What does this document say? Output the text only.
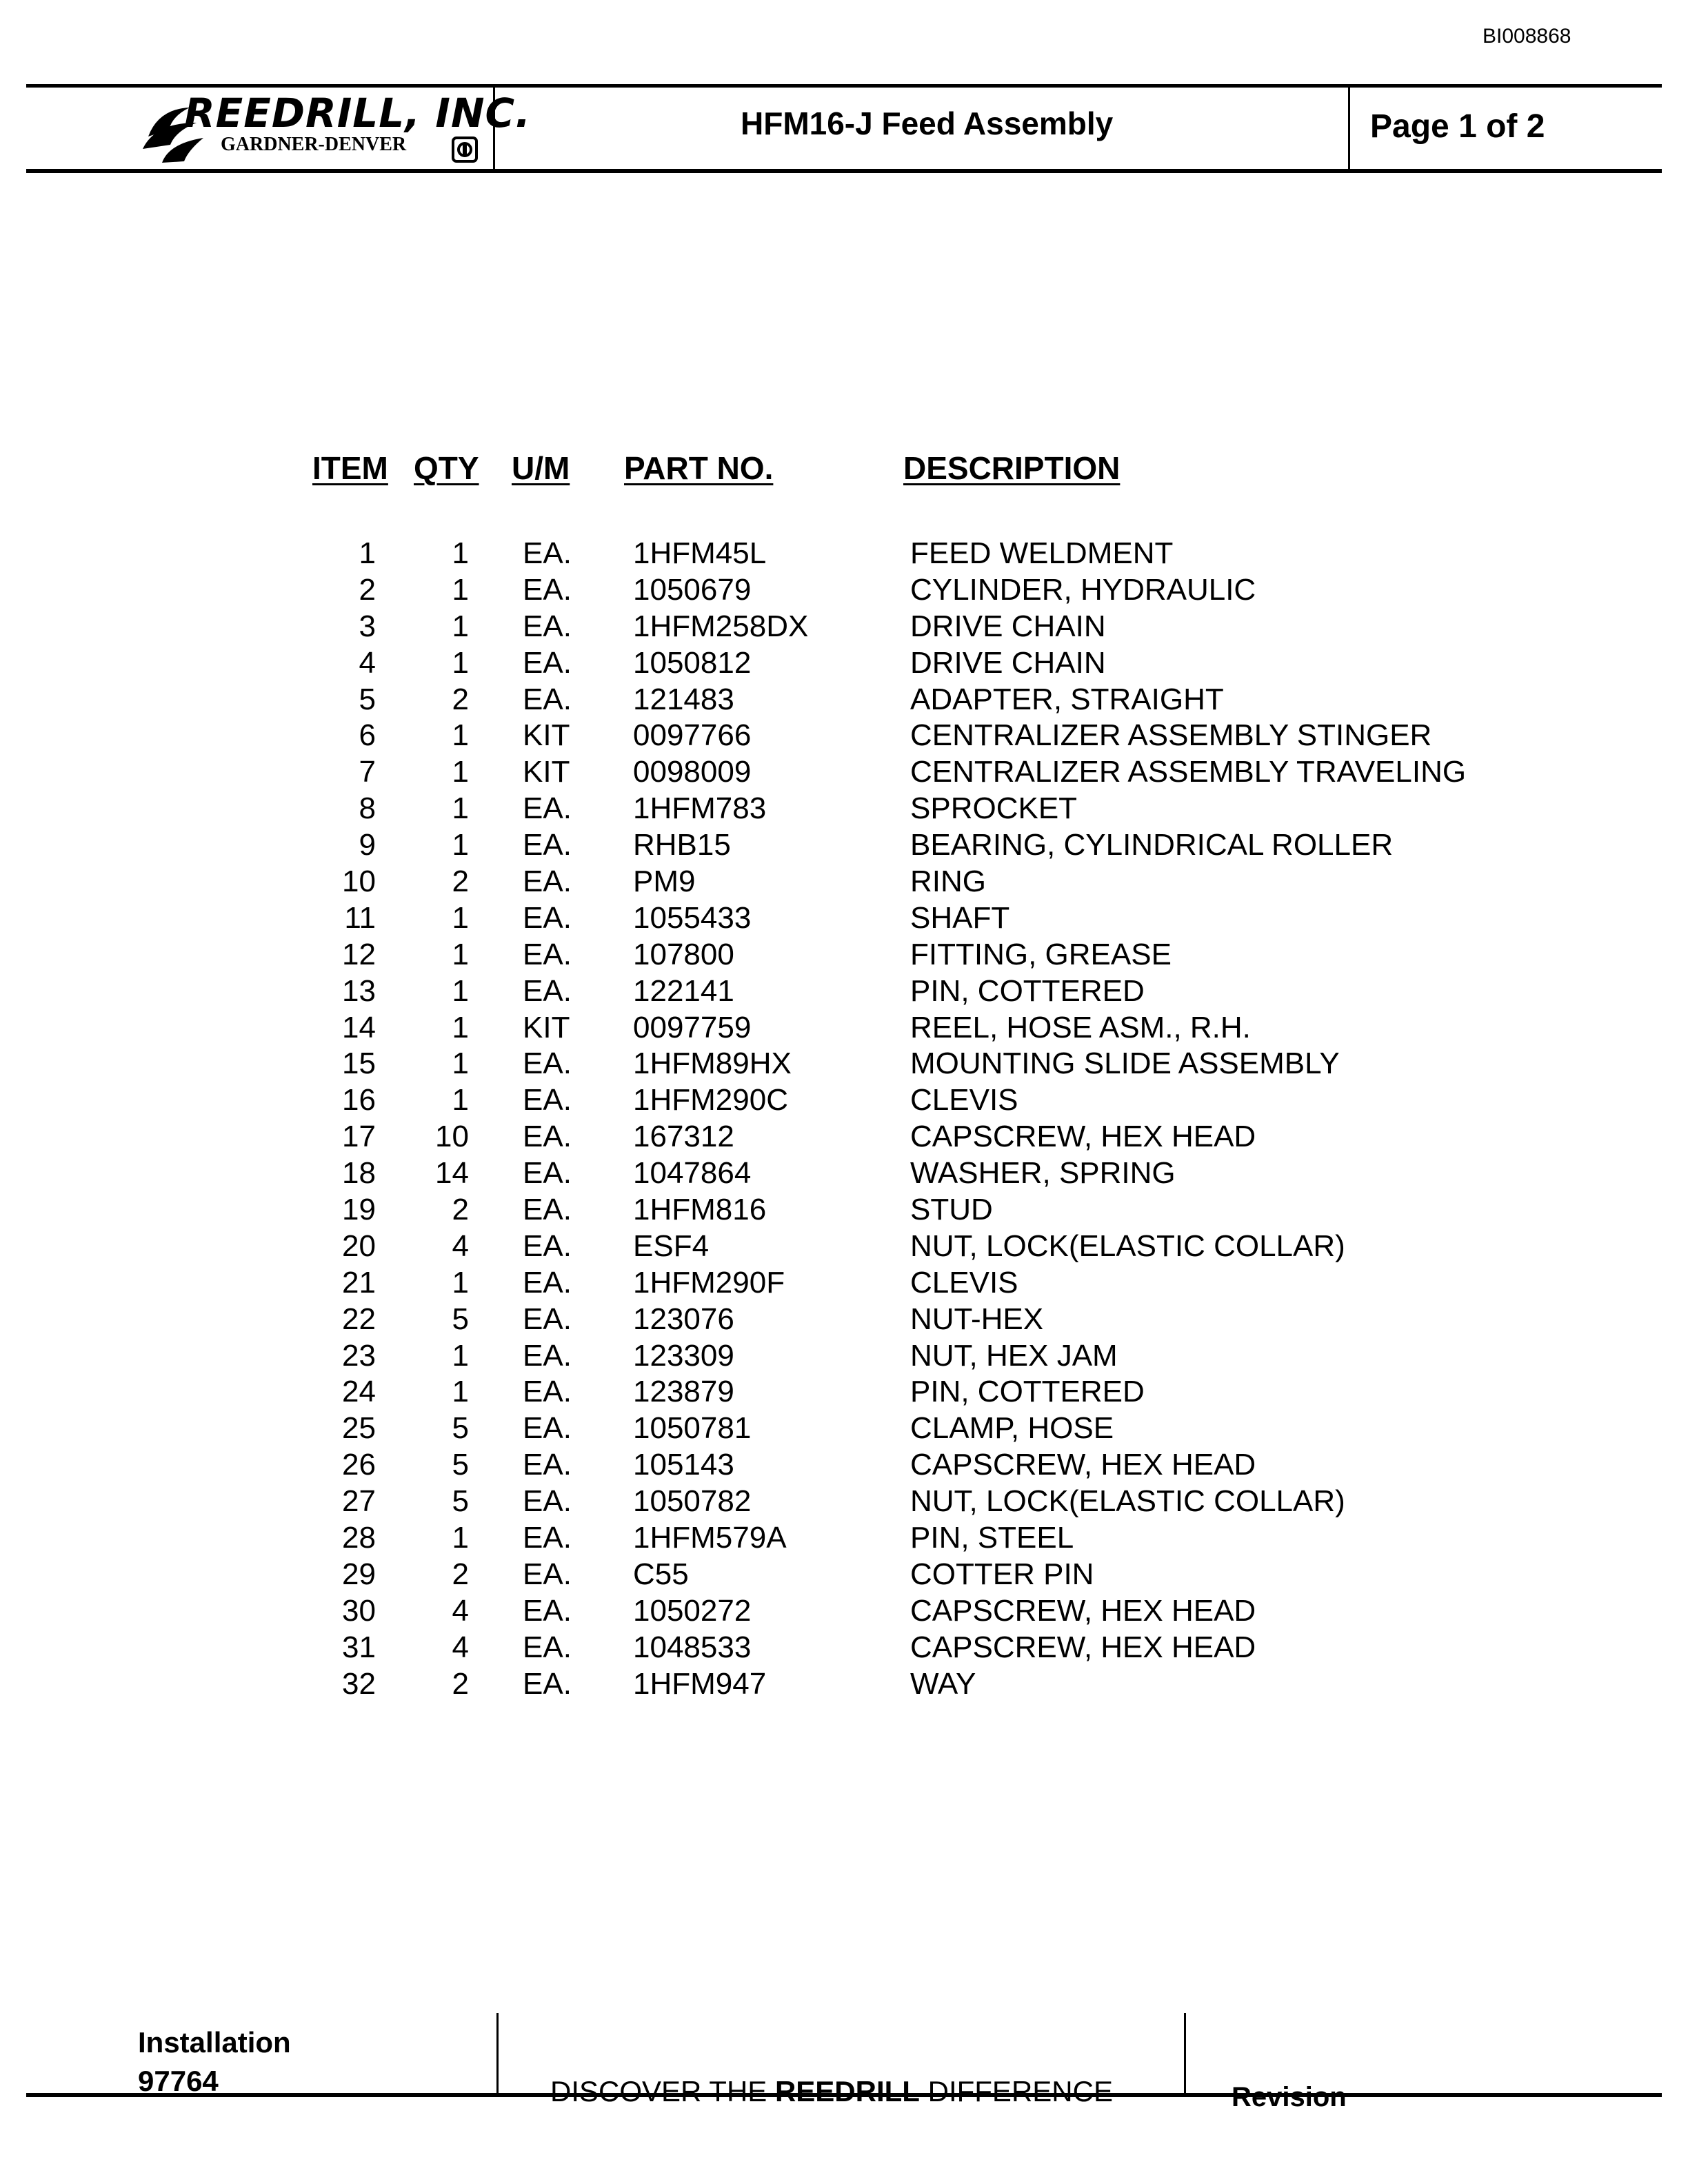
BI008868
REEDRILL, INC.
GARDNER-DENVER
HFM16-J Feed Assembly	Page 1 of 2
ITEM QTY U/M PART NO.	DESCRIPTION
1	1 EA. 1HFM45L	FEED WELDMENT
2	1 EA. 1050679	CYLINDER, HYDRAULIC
3	1 EA. 1HFM258DX	DRIVE CHAIN
4	1 EA. 1050812	DRIVE CHAIN
5	2 EA. 121483	ADAPTER, STRAIGHT
6	1 KIT 0097766	CENTRALIZER ASSEMBLY STINGER
7	1 KIT 0098009	CENTRALIZER ASSEMBLY TRAVELING
8	1 EA. 1HFM783	SPROCKET
9	1 EA. RHB15	BEARING, CYLINDRICAL ROLLER
10	2 EA. PM9	RING
11	1 EA. 1055433	SHAFT
12	1 EA. 107800	FITTING, GREASE
13	1 EA. 122141	PIN, COTTERED
14	1 KIT 0097759	REEL, HOSE ASM., R.H.
15	1 EA. 1HFM89HX	MOUNTING SLIDE ASSEMBLY
16	1 EA. 1HFM290C	CLEVIS
17	10 EA. 167312	CAPSCREW, HEX HEAD
18	14 EA. 1047864	WASHER, SPRING
19	2 EA. 1HFM816	STUD
20	4 EA. ESF4	NUT, LOCK(ELASTIC COLLAR)
21	1 EA. 1HFM290F	CLEVIS
22	5 EA. 123076	NUT-HEX
23	1 EA. 123309	NUT, HEX JAM
24	1 EA. 123879	PIN, COTTERED
25	5 EA. 1050781	CLAMP, HOSE
26	5 EA. 105143	CAPSCREW, HEX HEAD
27	5 EA. 1050782	NUT, LOCK(ELASTIC COLLAR)
28	1 EA. 1HFM579A	PIN, STEEL
29	2 EA. C55	COTTER PIN
30	4 EA. 1050272	CAPSCREW, HEX HEAD
31	4 EA. 1048533	CAPSCREW, HEX HEAD
32	2 EA. 1HFM947	WAY
Installation
97764	DISCOVER THE REEDRILL DIFFERENCE	Revision
